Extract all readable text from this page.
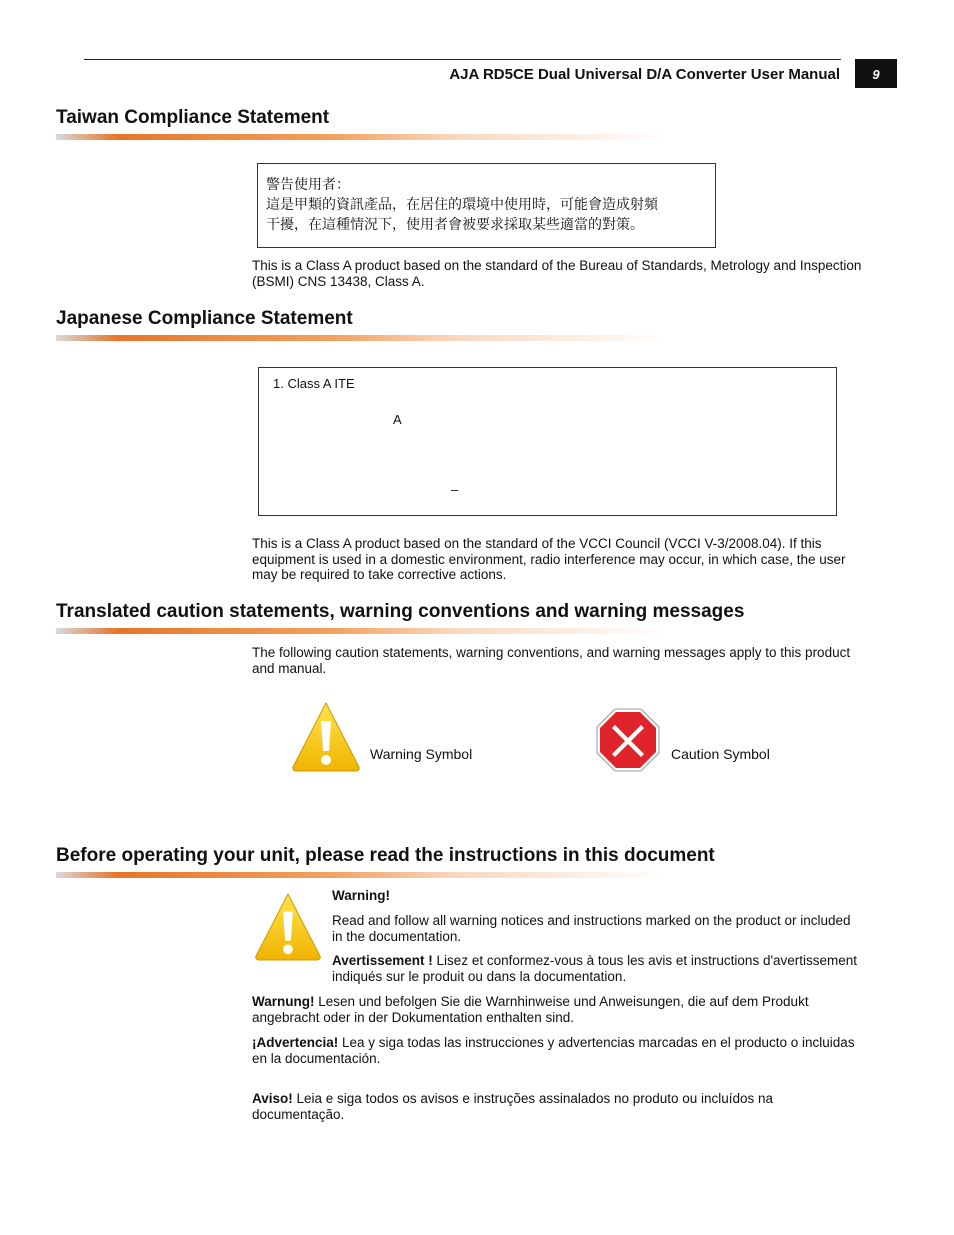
AJA RD5CE Dual Universal D/A Converter User Manual	9
Taiwan Compliance Statement
警告使用者：
這是甲類的資訊產品，在居住的環境中使用時，可能會造成射頻
干擾，在這種情況下，使用者會被要求採取某些適當的對策。
This is a Class A product based on the standard of the Bureau of Standards, Metrology and Inspection (BSMI) CNS 13438, Class A.
Japanese Compliance Statement
1. Class A ITE
A
–
This is a Class A product based on the standard of the VCCI Council (VCCI V-3/2008.04). If this equipment is used in a domestic environment, radio interference may occur, in which case, the user may be required to take corrective actions.
Translated caution statements, warning conventions and warning messages
The following caution statements, warning conventions, and warning messages apply to this product and manual.
Warning Symbol	Caution Symbol
Before operating your unit, please read the instructions in this document
Warning!
Read and follow all warning notices and instructions marked on the product or included in the documentation.
Avertissement ! Lisez et conformez-vous à tous les avis et instructions d'avertissement indiqués sur le produit ou dans la documentation.
Warnung! Lesen und befolgen Sie die Warnhinweise und Anweisungen, die auf dem Produkt angebracht oder in der Dokumentation enthalten sind.
¡Advertencia! Lea y siga todas las instrucciones y advertencias marcadas en el producto o incluidas en la documentación.
Aviso! Leia e siga todos os avisos e instruções assinalados no produto ou incluídos na documentação.
